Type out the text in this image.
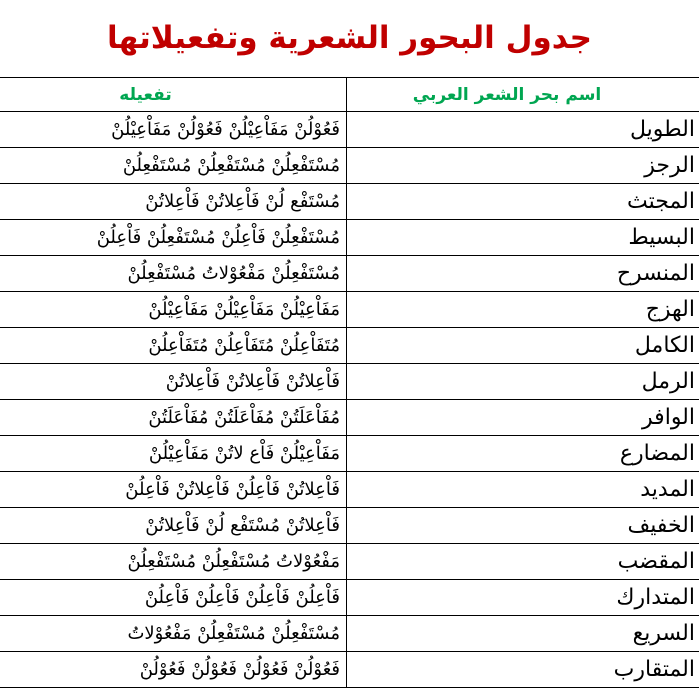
جدول البحور الشعرية وتفعيلاتها
تفعيله	اسم بحر الشعر العربي
فَعُوْلُنْ مَفَاْعِيْلُنْ فَعُوْلُنْ مَفَاْعِيْلُنْ	الطويل
مُسْتَفْعِلُنْ مُسْتَفْعِلُنْ مُسْتَفْعِلُنْ	الرجز
مُسْتَفْع لُنْ فَاْعِلاتُنْ فَاْعِلاتُنْ	المجتث
مُسْتَفْعِلُنْ فَاْعِلُنْ مُسْتَفْعِلُنْ فَاْعِلُنْ	البسيط
مُسْتَفْعِلُنْ مَفْعُوْلاتُ مُسْتَفْعِلُنْ	المنسرح
مَفَاْعِيْلُنْ مَفَاْعِيْلُنْ مَفَاْعِيْلُنْ	الهزج
مُتَفَاْعِلُنْ مُتَفَاْعِلُنْ مُتَفَاْعِلُنْ	الكامل
فَاْعِلاتُنْ فَاْعِلاتُنْ فَاْعِلاتُنْ	الرمل
مُفَاْعَلَتُنْ مُفَاْعَلَتُنْ مُفَاْعَلَتُنْ	الوافر
مَفَاْعِيْلُنْ فَاْع لاتُنْ مَفَاْعِيْلُنْ	المضارع
فَاْعِلاتُنْ فَاْعِلُنْ فَاْعِلاتُنْ فَاْعِلُنْ	المديد
فَاْعِلاتُنْ مُسْتَفْع لُنْ فَاْعِلاتُنْ	الخفيف
مَفْعُوْلاتُ مُسْتَفْعِلُنْ مُسْتَفْعِلُنْ	المقضب
فَاْعِلُنْ فَاْعِلُنْ فَاْعِلُنْ فَاْعِلُنْ	المتدارك
مُسْتَفْعِلُنْ مُسْتَفْعِلُنْ مَفْعُوْلاتُ	السريع
فَعُوْلُنْ فَعُوْلُنْ فَعُوْلُنْ فَعُوْلُنْ	المتقارب
